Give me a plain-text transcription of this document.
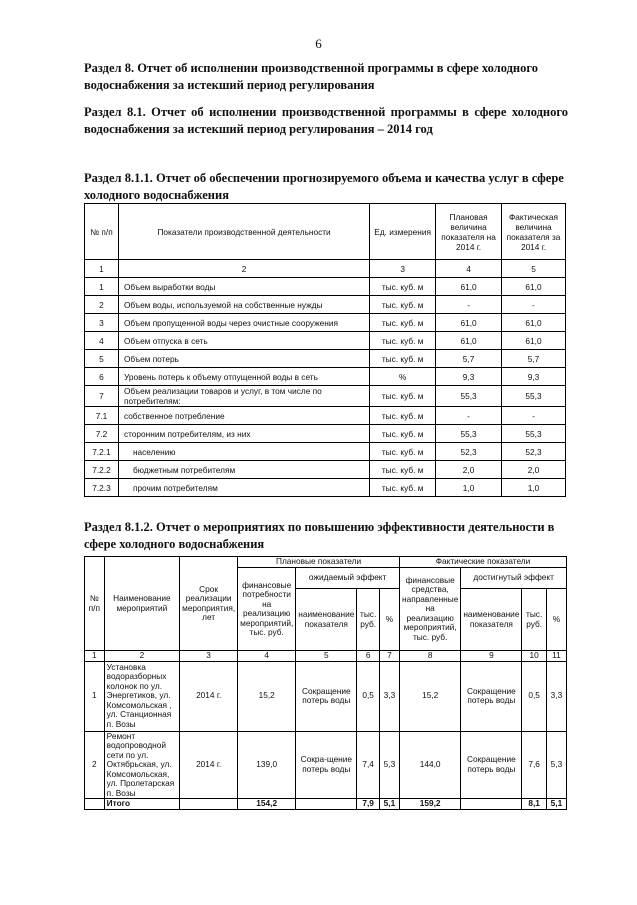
6
Раздел 8. Отчет об исполнении производственной программы в сфере холодного водоснабжения за истекший период регулирования
Раздел 8.1. Отчет об исполнении производственной программы в сфере холодного водоснабжения за истекший период регулирования – 2014 год
Раздел 8.1.1. Отчет об обеспечении прогнозируемого объема и качества услуг в сфере холодного водоснабжения
№ п/п	Показатели производственной деятельности	Ед. измерения	Плановая величина показателя на 2014 г.	Фактическая величина показателя за 2014 г.
1	2	3	4	5
1	Объем выработки воды	тыс. куб. м	61,0	61,0
2	Объем воды, используемой на собственные нужды	тыс. куб. м	-	-
3	Объем пропущенной воды через очистные сооружения	тыс. куб. м	61,0	61,0
4	Объем отпуска в сеть	тыс. куб. м	61,0	61,0
5	Объем потерь	тыс. куб. м	5,7	5,7
6	Уровень потерь к объему отпущенной воды в сеть	%	9,3	9,3
7	Объем реализации товаров и услуг, в том числе по потребителям:	тыс. куб. м	55,3	55,3
7.1	собственное потребление	тыс. куб. м	-	-
7.2	сторонним потребителям, из них	тыс. куб. м	55,3	55,3
7.2.1	населению	тыс. куб. м	52,3	52,3
7.2.2	бюджетным потребителям	тыс. куб. м	2,0	2,0
7.2.3	прочим потребителям	тыс. куб. м	1,0	1,0
Раздел 8.1.2. Отчет о мероприятиях по повышению эффективности деятельности в сфере холодного водоснабжения
№ п/п	Наименование мероприятий	Срок реализации мероприятия, лет	Плановые показатели				Фактические показатели			
			финансовые потребности на реализацию мероприятий, тыс. руб.	ожидаемый эффект			финансовые средства, направленные на реализацию мероприятий, тыс. руб.	достигнутый эффект		
				наименование показателя	тыс. руб.	%		наименование показателя	тыс. руб.	%
1	2	3	4	5	6	7	8	9	10	11
1	Установка водоразборных колонок по ул. Энергетиков, ул. Комсомольская , ул. Станционная п. Возы	2014 г.	15,2	Сокращение потерь воды	0,5	3,3	15,2	Сокращение потерь воды	0,5	3,3
2	Ремонт водопроводной сети по ул. Октябрьская, ул. Комсомольская, ул. Пролетарская п. Возы	2014 г.	139,0	Сокра-щение потерь воды	7,4	5,3	144,0	Сокращение потерь воды	7,6	5,3
	Итого		154,2		7,9	5,1	159,2		8,1	5,1
